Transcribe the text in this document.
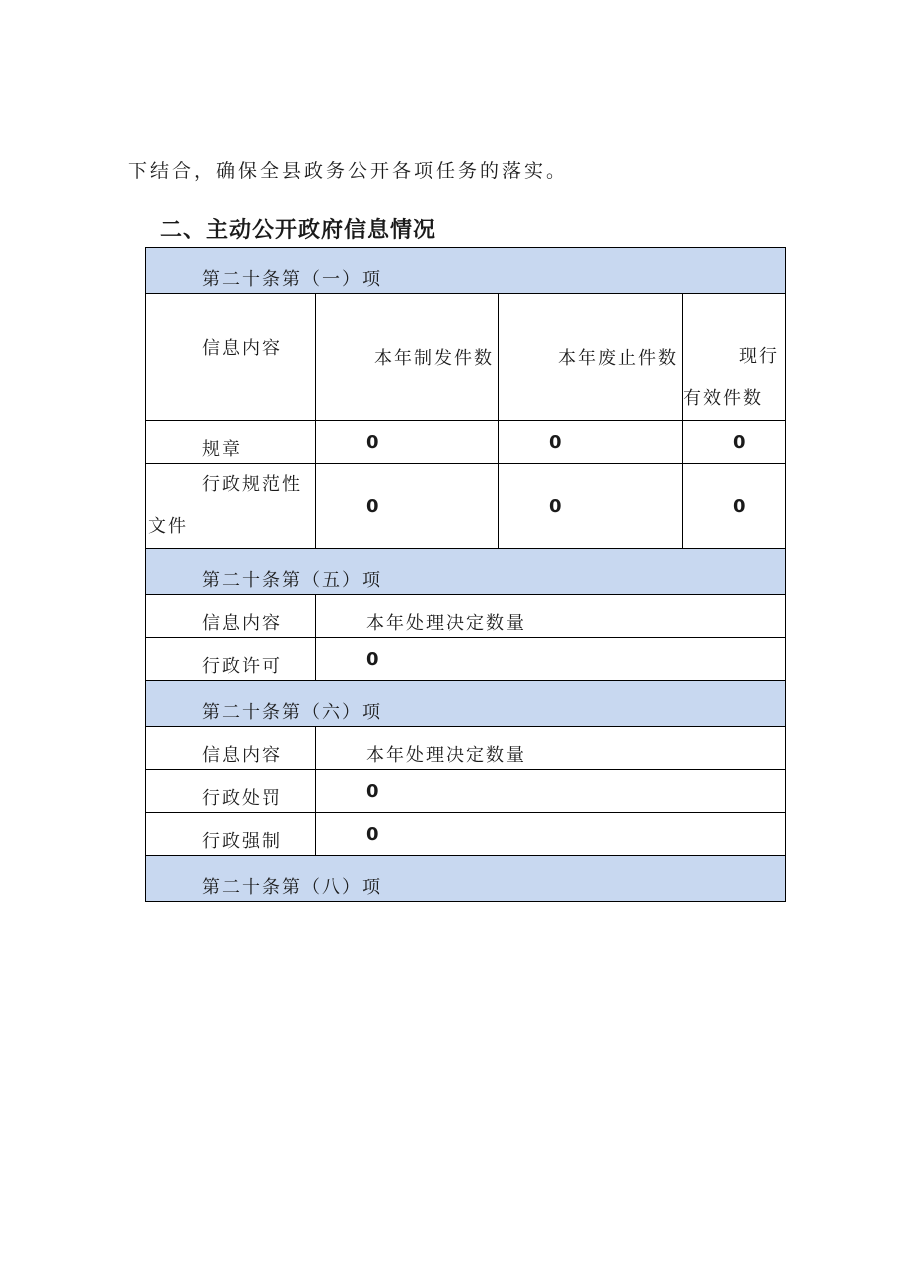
下结合，确保全县政务公开各项任务的落实。

二、主动公开政府信息情况
第二十条第（一）项			
信息内容	本年制发件数	本年废止件数	现行
有效件数

规章	0	0	0

行政规范性
文件	0	0	0
第二十条第（五）项			
信息内容	本年处理决定数量		
行政许可	0		
第二十条第（六）项			
信息内容	本年处理决定数量		
行政处罚	0		
行政强制	0		
第二十条第（八）项			
